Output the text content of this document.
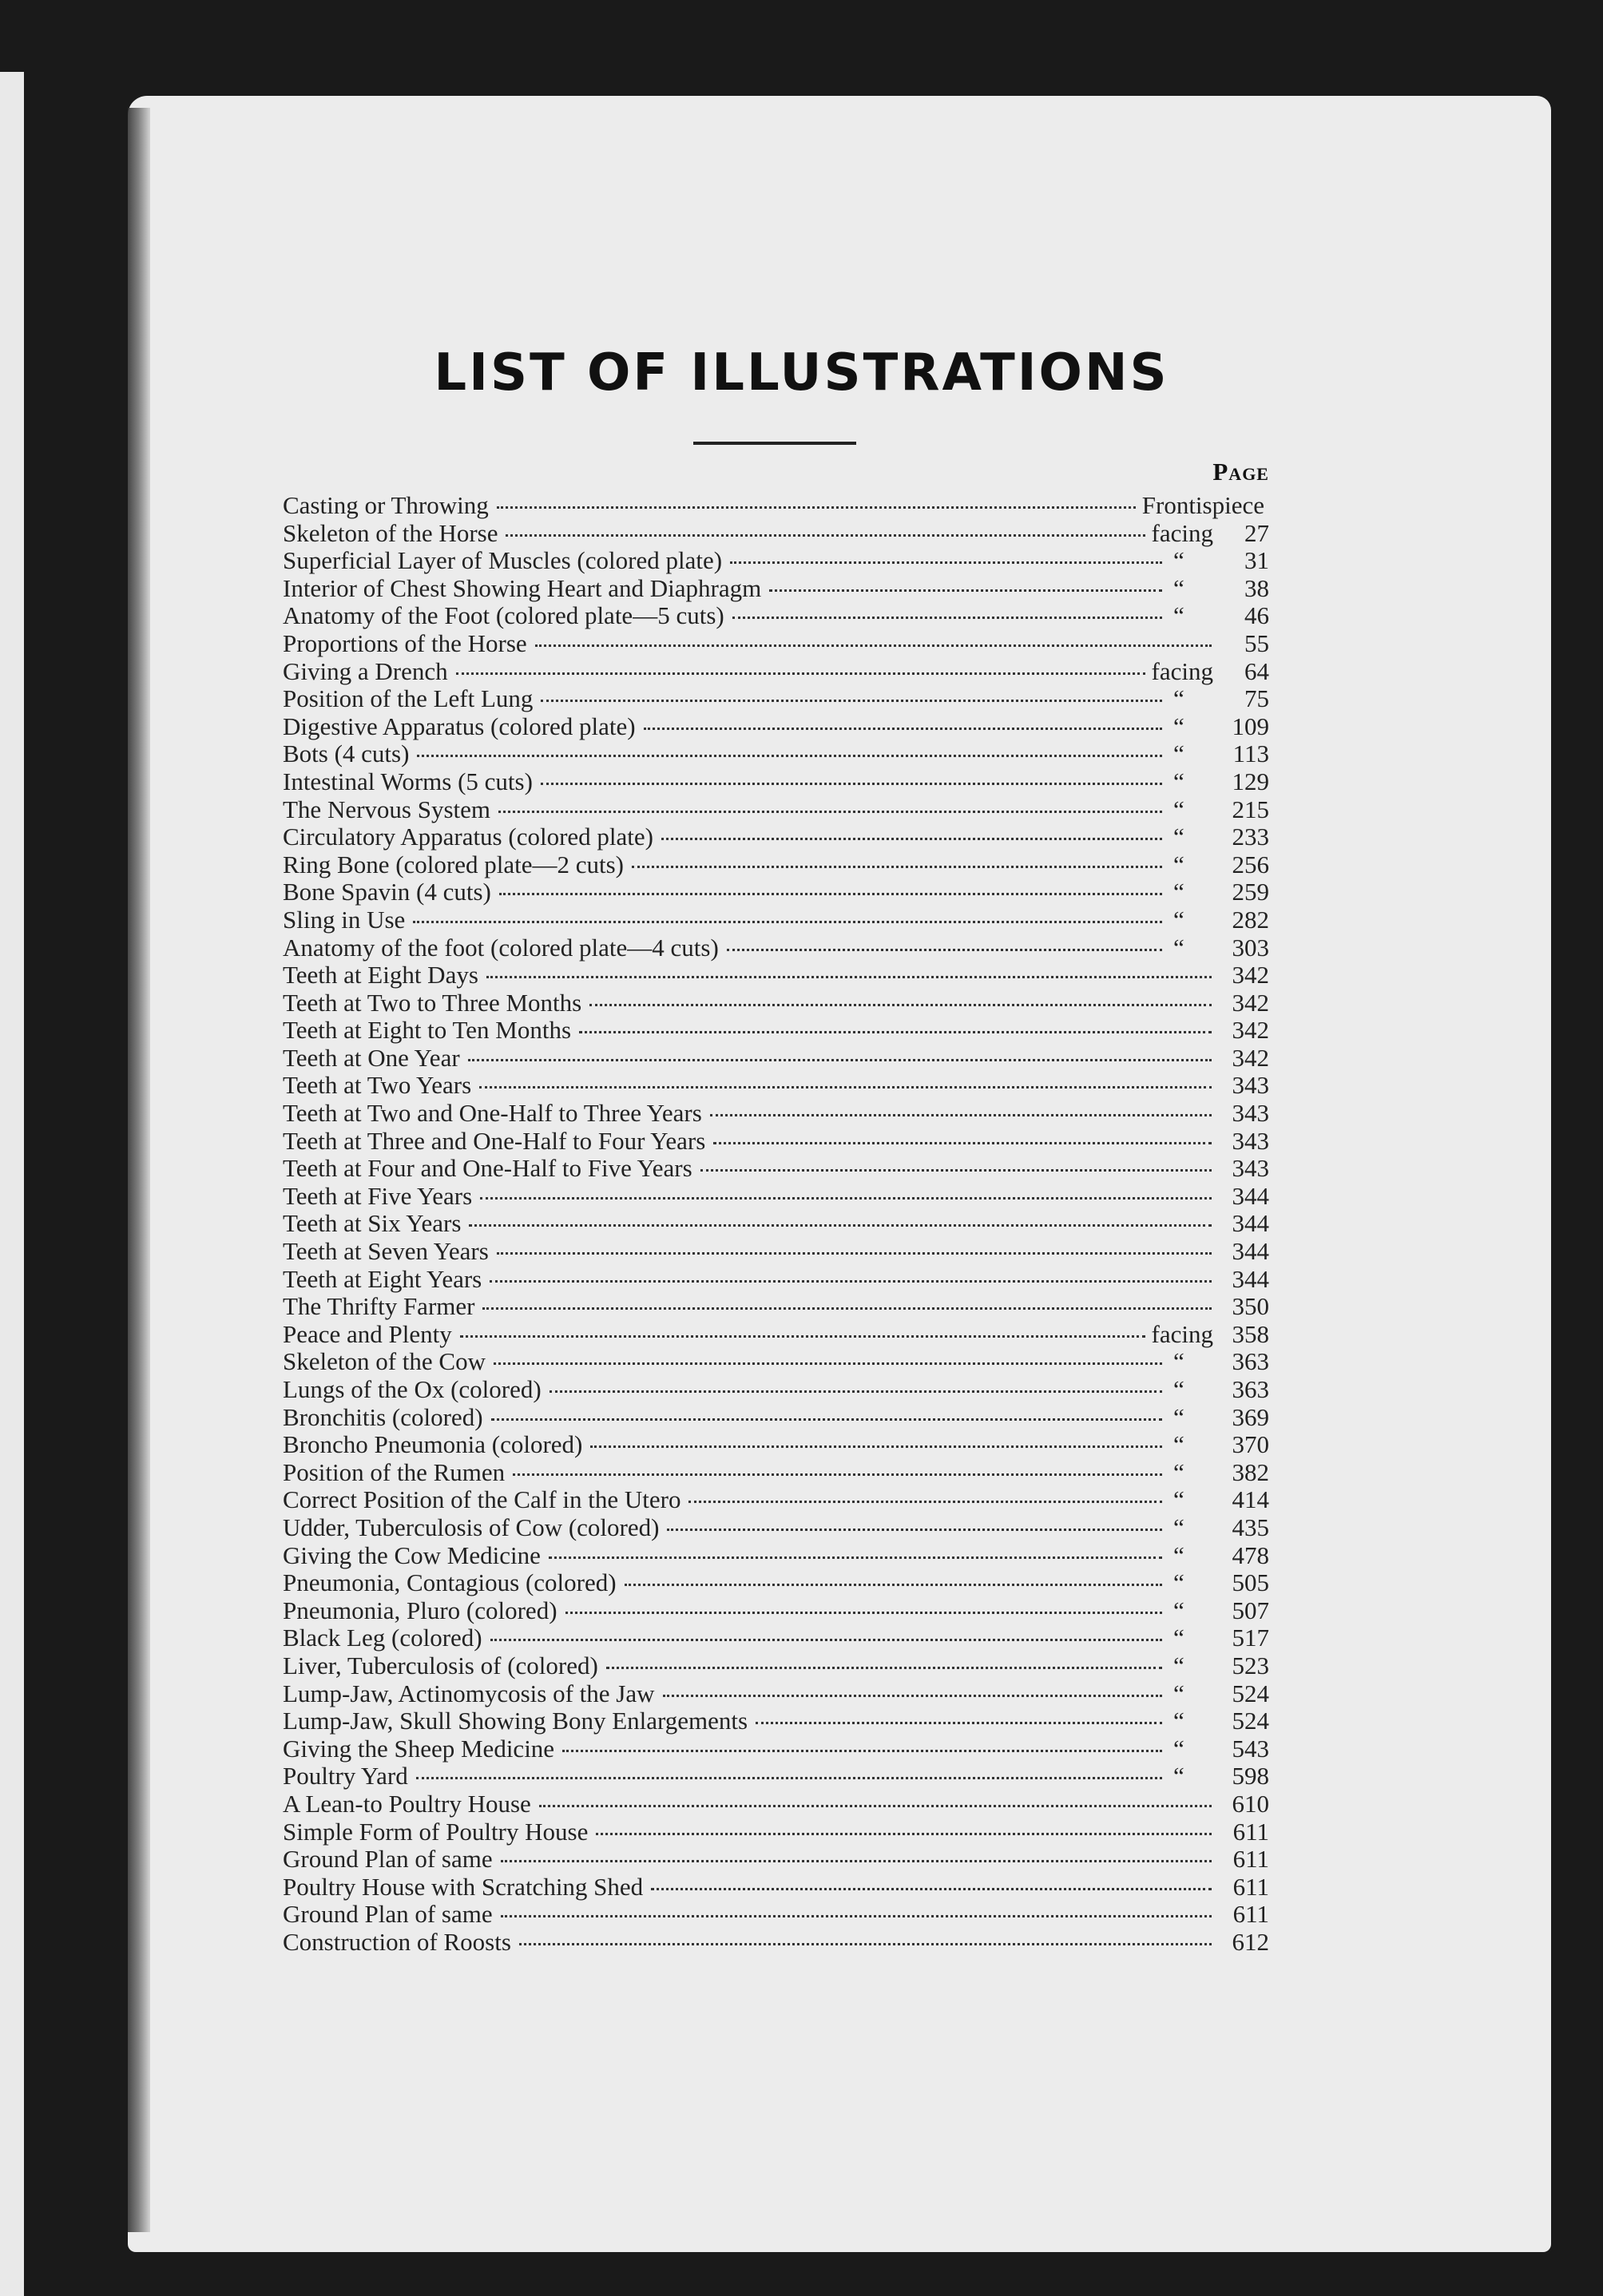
LIST OF ILLUSTRATIONS
Page
Casting or Throwing	Frontispiece
Skeleton of the Horse	facing	27
Superficial Layer of Muscles (colored plate)	“	31
Interior of Chest Showing Heart and Diaphragm	“	38
Anatomy of the Foot (colored plate—5 cuts)	“	46
Proportions of the Horse	55
Giving a Drench	facing	64
Position of the Left Lung	“	75
Digestive Apparatus (colored plate)	“	109
Bots (4 cuts)	“	113
Intestinal Worms (5 cuts)	“	129
The Nervous System	“	215
Circulatory Apparatus (colored plate)	“	233
Ring Bone (colored plate—2 cuts)	“	256
Bone Spavin (4 cuts)	“	259
Sling in Use	“	282
Anatomy of the foot (colored plate—4 cuts)	“	303
Teeth at Eight Days	342
Teeth at Two to Three Months	342
Teeth at Eight to Ten Months	342
Teeth at One Year	342
Teeth at Two Years	343
Teeth at Two and One-Half to Three Years	343
Teeth at Three and One-Half to Four Years	343
Teeth at Four and One-Half to Five Years	343
Teeth at Five Years	344
Teeth at Six Years	344
Teeth at Seven Years	344
Teeth at Eight Years	344
The Thrifty Farmer	350
Peace and Plenty	facing 358
Skeleton of the Cow	“	363
Lungs of the Ox (colored)	“	363
Bronchitis (colored)	“	369
Broncho Pneumonia (colored)	“	370
Position of the Rumen	“	382
Correct Position of the Calf in the Utero	“	414
Udder, Tuberculosis of Cow (colored)	“	435
Giving the Cow Medicine	“	478
Pneumonia, Contagious (colored)	“	505
Pneumonia, Pluro (colored)	“	507
Black Leg (colored)	“	517
Liver, Tuberculosis of (colored)	“	523
Lump-Jaw, Actinomycosis of the Jaw	“	524
Lump-Jaw, Skull Showing Bony Enlargements	“	524
Giving the Sheep Medicine	“	543
Poultry Yard	“	598
A Lean-to Poultry House	610
Simple Form of Poultry House	611
Ground Plan of same	611
Poultry House with Scratching Shed	611
Ground Plan of same	611
Construction of Roosts	612
